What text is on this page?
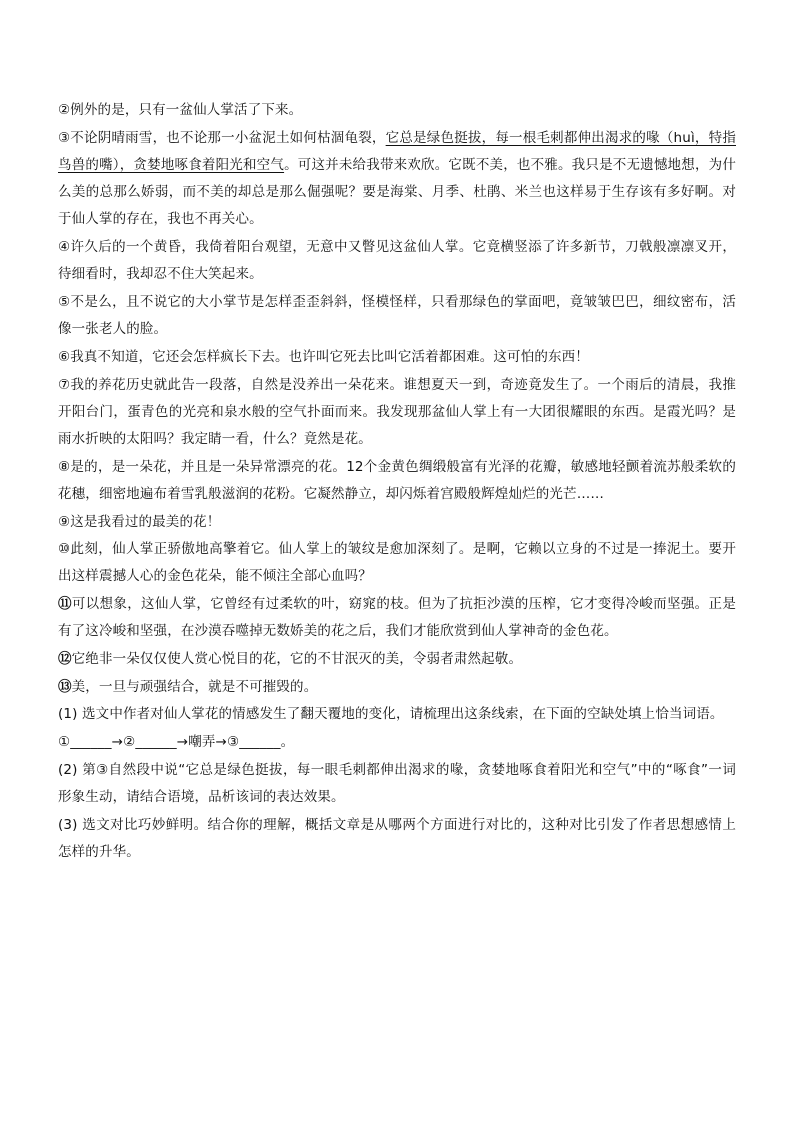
②例外的是，只有一盆仙人掌活了下来。

③不论阴晴雨雪，也不论那一小盆泥土如何枯涸龟裂，它总是绿色挺拔，每一根毛刺都伸出渴求的喙（huì，特指鸟兽的嘴），贪婪地啄食着阳光和空气。可这并未给我带来欢欣。它既不美，也不雅。我只是不无遗憾地想，为什么美的总那么娇弱，而不美的却总是那么倔强呢？要是海棠、月季、杜鹃、米兰也这样易于生存该有多好啊。对于仙人掌的存在，我也不再关心。

④许久后的一个黄昏，我倚着阳台观望，无意中又瞥见这盆仙人掌。它竟横竖添了许多新节，刀戟般凛凛叉开，待细看时，我却忍不住大笑起来。

⑤不是么，且不说它的大小掌节是怎样歪歪斜斜，怪模怪样，只看那绿色的掌面吧，竟皱皱巴巴，细纹密布，活像一张老人的脸。

⑥我真不知道，它还会怎样疯长下去。也许叫它死去比叫它活着都困难。这可怕的东西！

⑦我的养花历史就此告一段落，自然是没养出一朵花来。谁想夏天一到，奇迹竟发生了。一个雨后的清晨，我推开阳台门，蛋青色的光亮和泉水般的空气扑面而来。我发现那盆仙人掌上有一大团很耀眼的东西。是霞光吗？是雨水折映的太阳吗？我定睛一看，什么？竟然是花。

⑧是的，是一朵花，并且是一朵异常漂亮的花。12个金黄色绸缎般富有光泽的花瓣，敏感地轻颤着流苏般柔软的花穗，细密地遍布着雪乳般滋润的花粉。它凝然静立，却闪烁着宫殿般辉煌灿烂的光芒……

⑨这是我看过的最美的花！

⑩此刻，仙人掌正骄傲地高擎着它。仙人掌上的皱纹是愈加深刻了。是啊，它赖以立身的不过是一捧泥土。要开出这样震撼人心的金色花朵，能不倾注全部心血吗？

⑪可以想象，这仙人掌，它曾经有过柔软的叶，窈窕的枝。但为了抗拒沙漠的压榨，它才变得冷峻而坚强。正是有了这冷峻和坚强，在沙漠吞噬掉无数娇美的花之后，我们才能欣赏到仙人掌神奇的金色花。

⑫它绝非一朵仅仅使人赏心悦目的花，它的不甘泯灭的美，令弱者肃然起敬。

⑬美，一旦与顽强结合，就是不可摧毁的。

(1) 选文中作者对仙人掌花的情感发生了翻天覆地的变化，请梳理出这条线索，在下面的空缺处填上恰当词语。

①______→②______→嘲弄→③______。

(2) 第③自然段中说“它总是绿色挺拔，每一眼毛刺都伸出渴求的喙，贪婪地啄食着阳光和空气”中的“啄食”一词形象生动，请结合语境，品析该词的表达效果。

(3) 选文对比巧妙鲜明。结合你的理解，概括文章是从哪两个方面进行对比的，这种对比引发了作者思想感情上怎样的升华。
